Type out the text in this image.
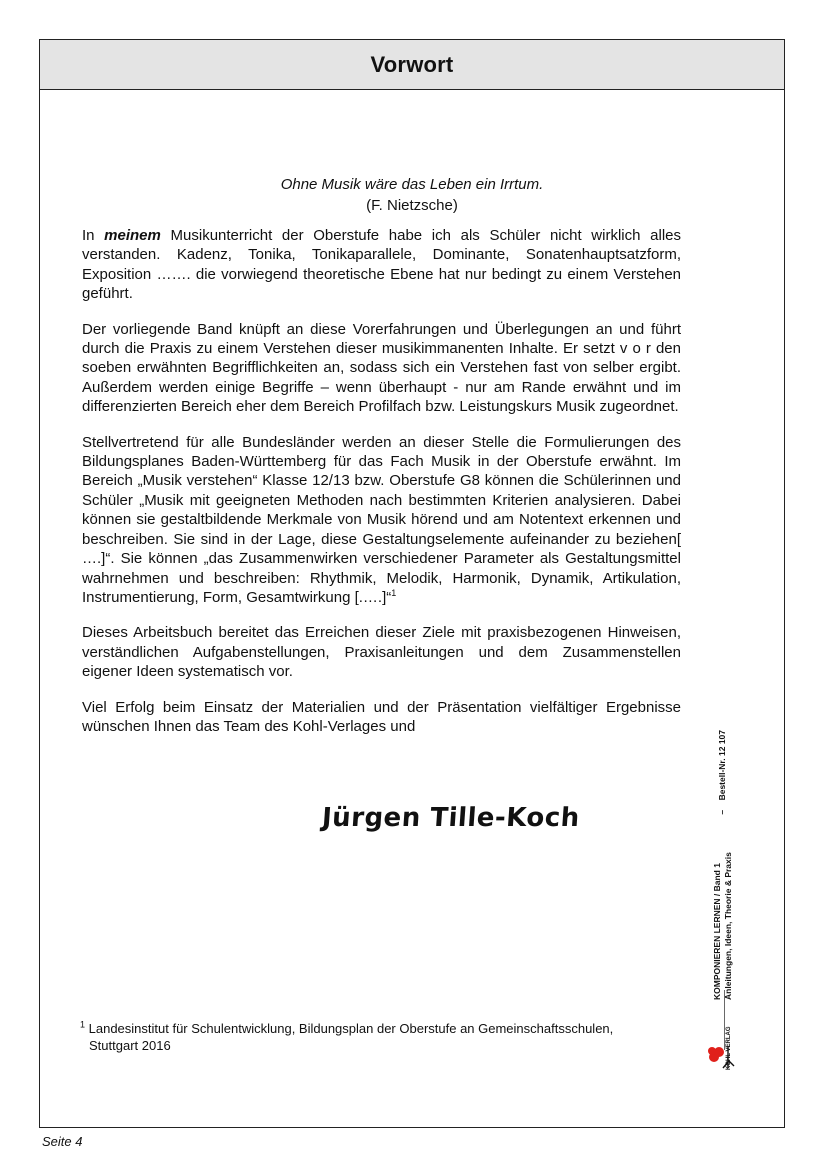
Vorwort
Ohne Musik wäre das Leben ein Irrtum.
(F. Nietzsche)

In meinem Musikunterricht der Oberstufe habe ich als Schüler nicht wirklich alles verstanden. Kadenz, Tonika, Tonikaparallele, Dominante, Sonatenhauptsatzform, Exposition ……. die vorwiegend theoretische Ebene hat nur bedingt zu einem Verstehen geführt.

Der vorliegende Band knüpft an diese Vorerfahrungen und Überlegungen an und führt durch die Praxis zu einem Verstehen dieser musikimmanenten Inhalte. Er setzt v o r den soeben erwähnten Begrifflichkeiten an, sodass sich ein Verstehen fast von selber ergibt. Außerdem werden einige Begriffe – wenn überhaupt - nur am Rande erwähnt und im differenzierten Bereich eher dem Bereich Profilfach bzw. Leistungskurs Musik zugeordnet.

Stellvertretend für alle Bundesländer werden an dieser Stelle die Formulierungen des Bildungsplanes Baden-Württemberg für das Fach Musik in der Oberstufe erwähnt. Im Bereich „Musik verstehen“ Klasse 12/13 bzw. Oberstufe G8 können die Schülerinnen und Schüler „Musik mit geeigneten Methoden nach bestimmten Kriterien analysieren. Dabei können sie gestaltbildende Merkmale von Musik hörend und am Notentext erkennen und beschreiben. Sie sind in der Lage, diese Gestaltungselemente aufeinander zu beziehen[ ….]“. Sie können „das Zusammenwirken verschiedener Parameter als Gestaltungsmittel wahrnehmen und beschreiben: Rhythmik, Melodik, Harmonik, Dynamik, Artikulation, Instrumentierung, Form, Gesamtwirkung [.….]“$^1$

Dieses Arbeitsbuch bereitet das Erreichen dieser Ziele mit praxisbezogenen Hinweisen, verständlichen Aufgabenstellungen, Praxisanleitungen und dem Zusammenstellen eigener Ideen systematisch vor.

Viel Erfolg beim Einsatz der Materialien und der Präsentation vielfältiger Ergebnisse wünschen Ihnen das Team des Kohl-Verlages und

Jürgen Tille-Koch
$^1$ Landesinstitut für Schulentwicklung, Bildungsplan der Oberstufe an Gemeinschaftsschulen,
Stuttgart 2016
KOMPONIEREN LERNEN / Band 1 Anleitungen, Ideen, Theorie & Praxis
–    Bestell-Nr. 12 107
KOHL VERLAG
Seite 4
